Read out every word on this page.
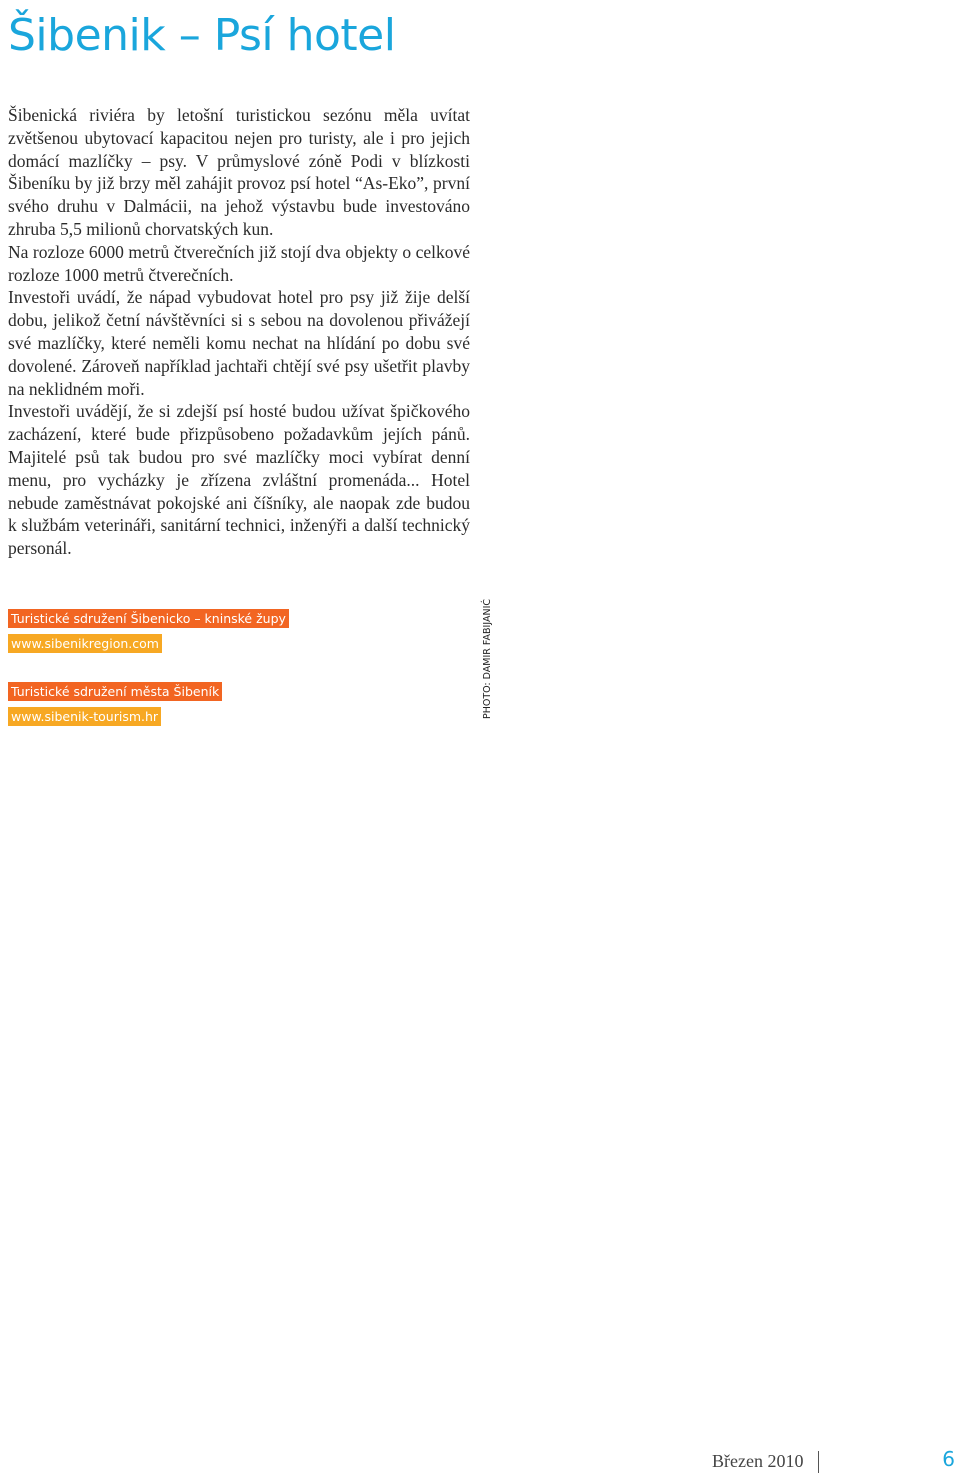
Šibenik – Psí hotel

Šibenická riviéra by letošní turistickou sezónu měla uvítat zvětšenou ubytovací kapacitou nejen pro turisty, ale i pro jejich domácí mazlíčky – psy. V průmyslové zóně Podi v blízkosti Šibeníku by již brzy měl zahájit provoz psí hotel “As-Eko”, první svého druhu v Dalmácii, na jehož výstavbu bude investováno zhruba 5,5 milionů chorvatských kun.

Na rozloze 6000 metrů čtverečních již stojí dva objekty o celkové rozloze 1000 metrů čtverečních.

Investoři uvádí, že nápad vybudovat hotel pro psy již žije delší dobu, jelikož četní návštěvníci si s sebou na dovolenou přivážejí své mazlíčky, které neměli komu nechat na hlídání po dobu své dovolené. Zároveň například jachtaři chtějí své psy ušetřit plavby na neklidném moři.

Investoři uvádějí, že si zdejší psí hosté budou užívat špičkového zacházení, které bude přizpůsobeno požadavkům jejích pánů. Majitelé psů tak budou pro své mazlíčky moci vybírat denní menu, pro vycházky je zřízena zvláštní promenáda... Hotel nebude zaměstnávat pokojské ani číšníky, ale naopak zde budou k službám veterináři, sanitární technici, inženýři a další technický personál.

PHOTO: DAMIR FABIJANIĆ
Turistické sdružení Šibenicko – kninské župy
www.sibenikregion.com
Turistické sdružení města Šibeník
www.sibenik-tourism.hr
Březen 2010	6
